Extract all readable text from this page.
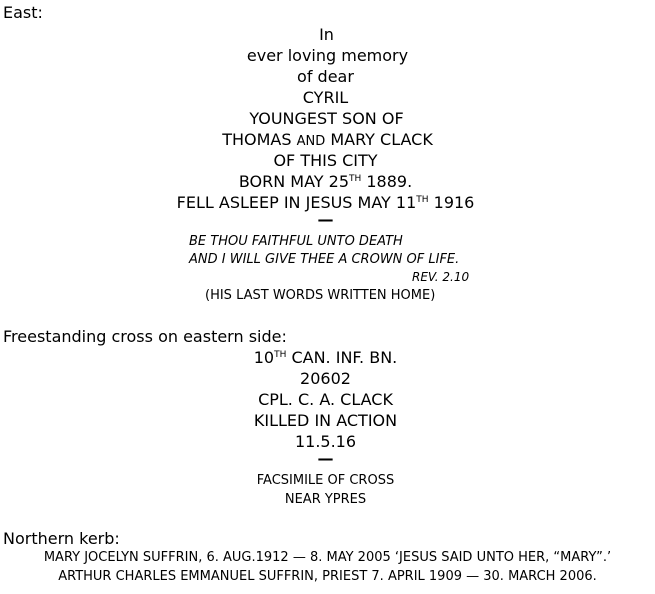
East:
In
ever loving memory
of dear
CYRIL
YOUNGEST SON OF
THOMAS AND MARY CLACK
OF THIS CITY
BORN MAY 25TH 1889.
FELL ASLEEP IN JESUS MAY 11TH 1916
—
BE THOU FAITHFUL UNTO DEATH
AND I WILL GIVE THEE A CROWN OF LIFE.
REV. 2.10
(HIS LAST WORDS WRITTEN HOME)
Freestanding cross on eastern side:
10TH CAN. INF. BN.
20602
CPL. C. A. CLACK
KILLED IN ACTION
11.5.16
—
FACSIMILE OF CROSS
NEAR YPRES
Northern kerb:
MARY JOCELYN SUFFRIN, 6. AUG.1912 — 8. MAY 2005 ‘JESUS SAID UNTO HER, “MARY”.’
ARTHUR CHARLES EMMANUEL SUFFRIN, PRIEST 7. APRIL 1909 — 30. MARCH 2006.
